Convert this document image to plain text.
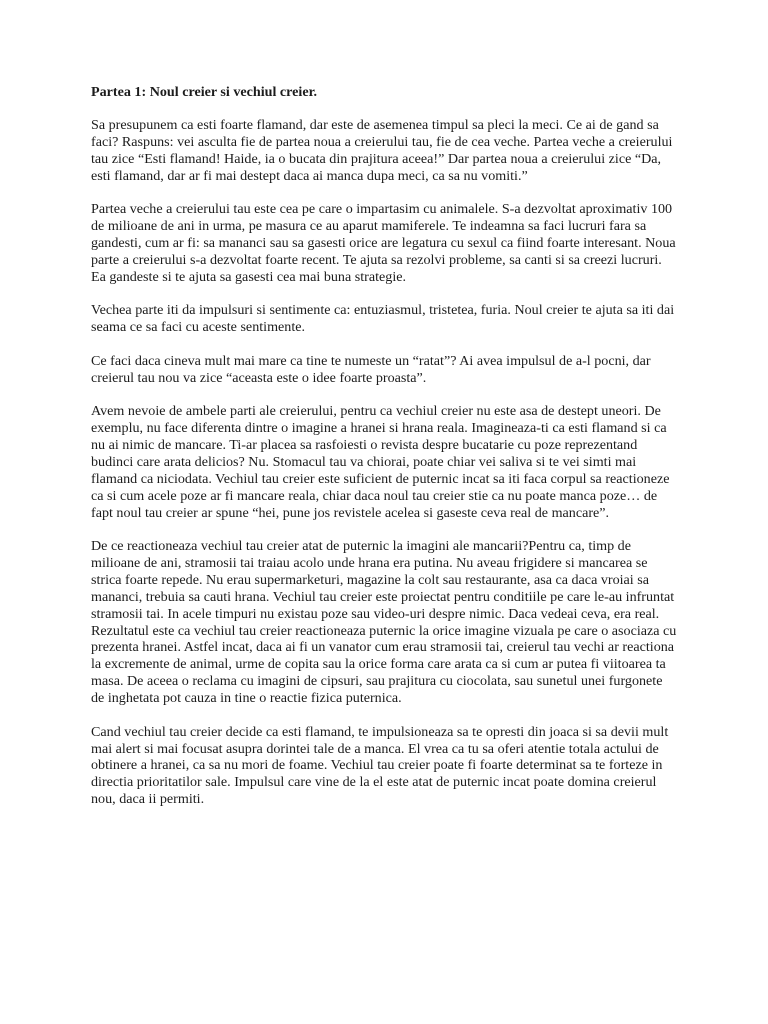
Partea 1: Noul creier si vechiul creier.

Sa presupunem ca esti foarte flamand, dar este de asemenea timpul sa pleci la meci. Ce ai de gand sa faci? Raspuns: vei asculta fie de partea noua a creierului tau, fie de cea veche. Partea veche a creierului tau zice “Esti flamand! Haide, ia o bucata din prajitura aceea!” Dar partea noua a creierului zice “Da, esti flamand, dar ar fi mai destept daca ai manca dupa meci, ca sa nu vomiti.”

Partea veche a creierului tau este cea pe care o impartasim cu animalele. S-a dezvoltat aproximativ 100 de milioane de ani in urma, pe masura ce au aparut mamiferele. Te indeamna sa faci lucruri fara sa gandesti, cum ar fi: sa mananci sau sa gasesti orice are legatura cu sexul ca fiind foarte interesant. Noua parte a creierului s-a dezvoltat foarte recent. Te ajuta sa rezolvi probleme, sa canti si sa creezi lucruri. Ea gandeste si te ajuta sa gasesti cea mai buna strategie.

Vechea parte iti da impulsuri si sentimente ca: entuziasmul, tristetea, furia. Noul creier te ajuta sa iti dai seama ce sa faci cu aceste sentimente.

Ce faci daca cineva mult mai mare ca tine te numeste un “ratat”? Ai avea impulsul de a-l pocni, dar creierul tau nou va zice “aceasta este o idee foarte proasta”.

Avem nevoie de ambele parti ale creierului, pentru ca vechiul creier nu este asa de destept uneori. De exemplu, nu face diferenta dintre o imagine a hranei si hrana reala. Imagineaza-ti ca esti flamand si ca nu ai nimic de mancare. Ti-ar placea sa rasfoiesti o revista despre bucatarie cu poze reprezentand budinci care arata delicios? Nu. Stomacul tau va chiorai, poate chiar vei saliva si te vei simti mai flamand ca niciodata. Vechiul tau creier este suficient de puternic incat sa iti faca corpul sa reactioneze ca si cum acele poze ar fi mancare reala, chiar daca noul tau creier stie ca nu poate manca poze… de fapt noul tau creier ar spune “hei, pune jos revistele acelea si gaseste ceva real de mancare”.

De ce reactioneaza vechiul tau creier atat de puternic la imagini ale mancarii?Pentru ca, timp de milioane de ani, stramosii tai traiau acolo unde hrana era putina. Nu aveau frigidere si mancarea se strica foarte repede. Nu erau supermarketuri, magazine la colt sau restaurante, asa ca daca vroiai sa mananci, trebuia sa cauti hrana. Vechiul tau creier este proiectat pentru conditiile pe care le-au infruntat stramosii tai. In acele timpuri nu existau poze sau video-uri despre nimic. Daca vedeai ceva, era real. Rezultatul este ca vechiul tau creier reactioneaza puternic la orice imagine vizuala pe care o asociaza cu prezenta hranei. Astfel incat, daca ai fi un vanator cum erau stramosii tai, creierul tau vechi ar reactiona la excremente de animal, urme de copita sau la orice forma care arata ca si cum ar putea fi viitoarea ta masa. De aceea o reclama cu imagini de cipsuri, sau prajitura cu ciocolata, sau sunetul unei furgonete de inghetata pot cauza in tine o reactie fizica puternica.

Cand vechiul tau creier decide ca esti flamand, te impulsioneaza sa te opresti din joaca si sa devii mult mai alert si mai focusat asupra dorintei tale de a manca. El vrea ca tu sa oferi atentie totala actului de obtinere a hranei, ca sa nu mori de foame. Vechiul tau creier poate fi foarte determinat sa te forteze in directia prioritatilor sale. Impulsul care vine de la el este atat de puternic incat poate domina creierul nou, daca ii permiti.
